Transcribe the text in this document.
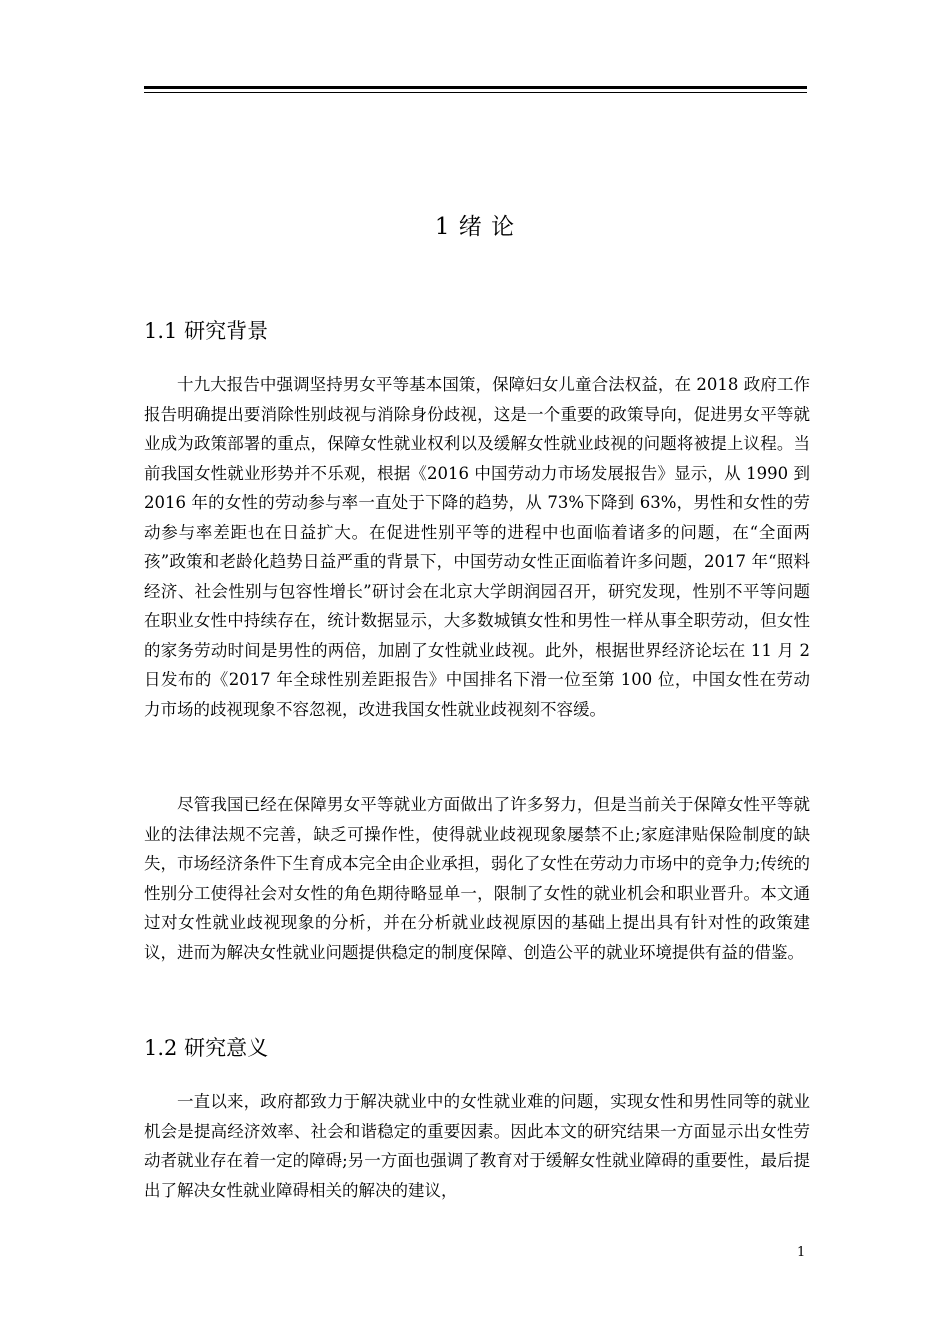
1 绪 论
1.1 研究背景

十九大报告中强调坚持男女平等基本国策，保障妇女儿童合法权益，在 2018 政府工作报告明确提出要消除性别歧视与消除身份歧视，这是一个重要的政策导向，促进男女平等就业成为政策部署的重点，保障女性就业权利以及缓解女性就业歧视的问题将被提上议程。当前我国女性就业形势并不乐观，根据《2016 中国劳动力市场发展报告》显示，从 1990 到 2016 年的女性的劳动参与率一直处于下降的趋势，从 73%下降到 63%，男性和女性的劳动参与率差距也在日益扩大。在促进性别平等的进程中也面临着诸多的问题，在“全面两孩”政策和老龄化趋势日益严重的背景下，中国劳动女性正面临着许多问题，2017 年“照料经济、社会性别与包容性增长”研讨会在北京大学朗润园召开，研究发现，性别不平等问题在职业女性中持续存在，统计数据显示，大多数城镇女性和男性一样从事全职劳动，但女性的家务劳动时间是男性的两倍，加剧了女性就业歧视。此外，根据世界经济论坛在 11 月 2 日发布的《2017 年全球性别差距报告》中国排名下滑一位至第 100 位，中国女性在劳动力市场的歧视现象不容忽视，改进我国女性就业歧视刻不容缓。

尽管我国已经在保障男女平等就业方面做出了许多努力，但是当前关于保障女性平等就业的法律法规不完善，缺乏可操作性，使得就业歧视现象屡禁不止;家庭津贴保险制度的缺失，市场经济条件下生育成本完全由企业承担，弱化了女性在劳动力市场中的竞争力;传统的性别分工使得社会对女性的角色期待略显单一，限制了女性的就业机会和职业晋升。本文通过对女性就业歧视现象的分析，并在分析就业歧视原因的基础上提出具有针对性的政策建议，进而为解决女性就业问题提供稳定的制度保障、创造公平的就业环境提供有益的借鉴。

1.2 研究意义

一直以来，政府都致力于解决就业中的女性就业难的问题，实现女性和男性同等的就业机会是提高经济效率、社会和谐稳定的重要因素。因此本文的研究结果一方面显示出女性劳动者就业存在着一定的障碍;另一方面也强调了教育对于缓解女性就业障碍的重要性，最后提出了解决女性就业障碍相关的解决的建议，

1
